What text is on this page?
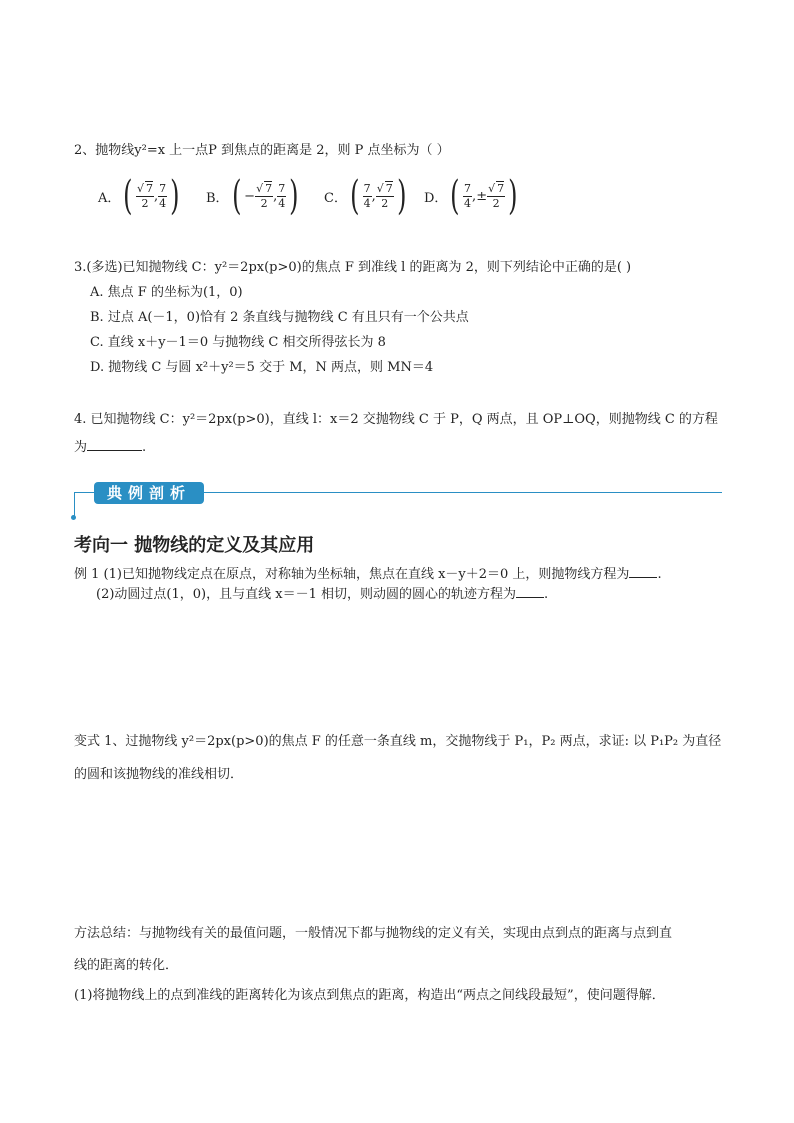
2、抛物线y²=x 上一点P 到焦点的距离是 2，则 P 点坐标为（ ）
A． ( $\frac{√ 7}{2}$ , $\frac{7}{4}$ ) B． ( − $\frac{√ 7}{2}$ , $\frac{7}{4}$ ) C． ( $\frac{7}{4}$ , $\frac{√ 7}{2}$ ) D． ( $\frac{7}{4}$ , ± $\frac{√ 7}{2}$ )
3.(多选)已知抛物线 C：y²＝2px(p>0)的焦点 F 到准线 l 的距离为 2，则下列结论中正确的是( )
A. 焦点 F 的坐标为(1，0)
B. 过点 A(－1，0)恰有 2 条直线与抛物线 C 有且只有一个公共点
C. 直线 x＋y－1＝0 与抛物线 C 相交所得弦长为 8
D. 抛物线 C 与圆 x²＋y²＝5 交于 M，N 两点，则 MN＝4
4. 已知抛物线 C：y²＝2px(p>0)，直线 l：x＝2 交抛物线 C 于 P，Q 两点，且 OP⊥OQ，则抛物线 C 的方程
为	.
典例剖析
考向一 抛物线的定义及其应用
例 1 (1)已知抛物线定点在原点，对称轴为坐标轴，焦点在直线 x－y＋2＝0 上，则抛物线方程为 .
(2)动圆过点(1，0)，且与直线 x＝－1 相切，则动圆的圆心的轨迹方程为 .
变式 1、过抛物线 y²＝2px(p>0)的焦点 F 的任意一条直线 m，交抛物线于 P₁，P₂ 两点，求证: 以 P₁P₂ 为直径
的圆和该抛物线的准线相切．
方法总结：与抛物线有关的最值问题，一般情况下都与抛物线的定义有关，实现由点到点的距离与点到直
线的距离的转化．
(1)将抛物线上的点到准线的距离转化为该点到焦点的距离，构造出“两点之间线段最短”，使问题得解．
